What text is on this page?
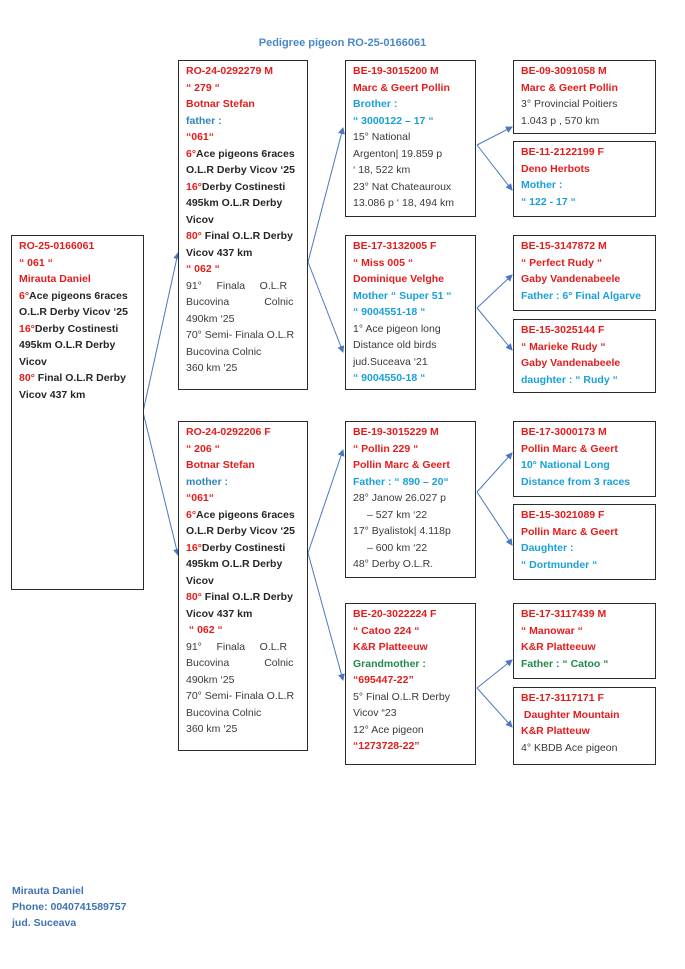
Pedigree pigeon RO-25-0166061
RO-25-0166061
“ 061 “
Mirauta Daniel
6°Ace pigeons 6races
O.L.R Derby Vicov ‘25
16°Derby Costinesti
495km O.L.R Derby
Vicov
80° Final O.L.R Derby
Vicov 437 km
RO-24-0292279 M
“ 279 “
Botnar Stefan
father :
“061“
6°Ace pigeons 6races
O.L.R Derby Vicov ‘25
16°Derby Costinesti
495km O.L.R Derby
Vicov
80° Final O.L.R Derby
Vicov 437 km
“ 062 “
91°     Finala     O.L.R
Bucovina            Colnic
490km ‘25
70° Semi- Finala O.L.R
Bucovina Colnic
360 km ‘25
RO-24-0292206 F
“ 206 “
Botnar Stefan
mother :
“061“
6°Ace pigeons 6races
O.L.R Derby Vicov ‘25
16°Derby Costinesti
495km O.L.R Derby
Vicov
80° Final O.L.R Derby
Vicov 437 km
“ 062 “
91°     Finala     O.L.R
Bucovina            Colnic
490km ‘25
70° Semi- Finala O.L.R
Bucovina Colnic
360 km ‘25
BE-19-3015200 M
Marc & Geert Pollin
Brother :
“ 3000122 – 17 “
15° National
Argenton| 19.859 p
‘ 18, 522 km
23° Nat Chateauroux
13.086 p ‘ 18, 494 km
BE-17-3132005 F
“ Miss 005 “
Dominique Velghe
Mother “ Super 51 “
“ 9004551-18 “
1° Ace pigeon long
Distance old birds
jud.Suceava ‘21
“ 9004550-18 “
BE-19-3015229 M
“ Pollin 229 “
Pollin Marc & Geert
Father : “ 890 – 20“
28° Janow 26.027 p
– 527 km ‘22
17° Byalistok| 4.118p
– 600 km ‘22
48° Derby O.L.R.
BE-20-3022224 F
“ Catoo 224 “
K&R Platteeuw
Grandmother :
“695447-22”
5° Final O.L.R Derby
Vicov “23
12° Ace pigeon
“1273728-22”
BE-09-3091058 M
Marc & Geert Pollin
3° Provincial Poitiers
1.043 p , 570 km
BE-11-2122199 F
Deno Herbots
Mother :
“ 122 - 17 “
BE-15-3147872 M
“ Perfect Rudy “
Gaby Vandenabeele
Father : 6° Final Algarve
BE-15-3025144 F
“ Marieke Rudy “
Gaby Vandenabeele
daughter : “ Rudy “
BE-17-3000173 M
Pollin Marc & Geert
10° National Long
Distance from 3 races
BE-15-3021089 F
Pollin Marc & Geert
Daughter :
“ Dortmunder “
BE-17-3117439 M
“ Manowar “
K&R Platteeuw
Father : “ Catoo “
BE-17-3117171 F
Daughter Mountain
K&R Platteuw
4° KBDB Ace pigeon
Mirauta Daniel
Phone: 0040741589757
jud. Suceava
